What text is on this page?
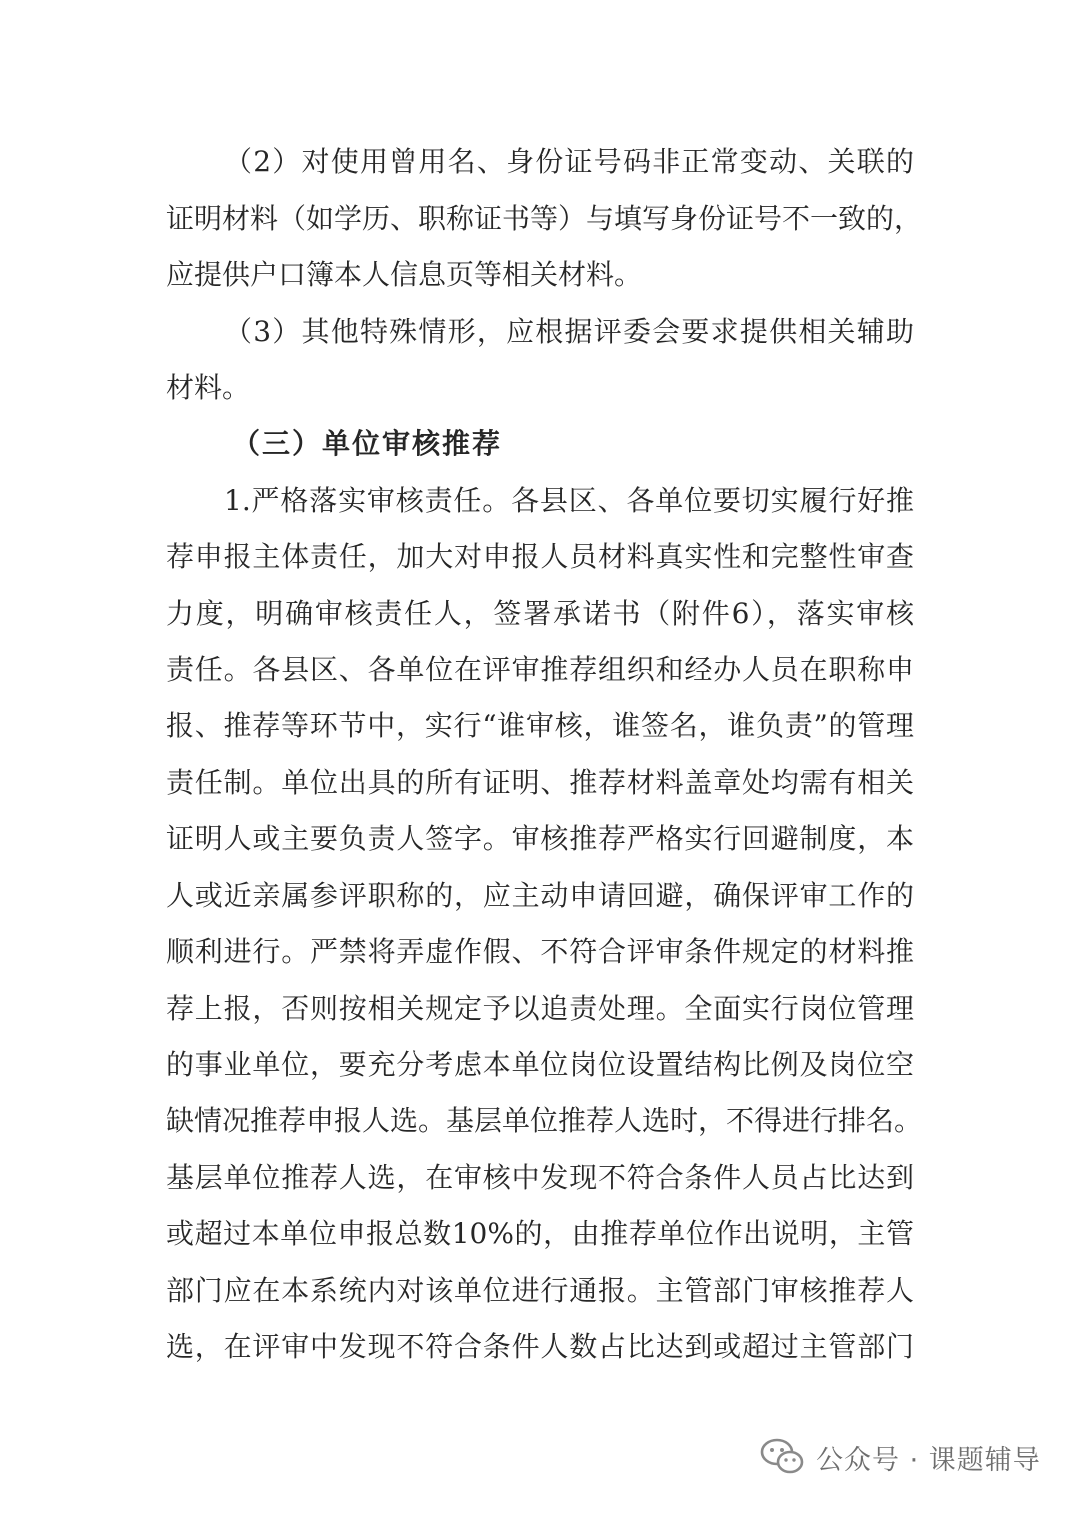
（2）对使用曾用名、身份证号码非正常变动、关联的
证明材料（如学历、职称证书等）与填写身份证号不一致的，
应提供户口簿本人信息页等相关材料。
（3）其他特殊情形，应根据评委会要求提供相关辅助
材料。
（三）单位审核推荐
1.严格落实审核责任。各县区、各单位要切实履行好推
荐申报主体责任，加大对申报人员材料真实性和完整性审查
力度，明确审核责任人，签署承诺书（附件6），落实审核
责任。各县区、各单位在评审推荐组织和经办人员在职称申
报、推荐等环节中，实行“谁审核，谁签名，谁负责”的管理
责任制。单位出具的所有证明、推荐材料盖章处均需有相关
证明人或主要负责人签字。审核推荐严格实行回避制度，本
人或近亲属参评职称的，应主动申请回避，确保评审工作的
顺利进行。严禁将弄虚作假、不符合评审条件规定的材料推
荐上报，否则按相关规定予以追责处理。全面实行岗位管理
的事业单位，要充分考虑本单位岗位设置结构比例及岗位空
缺情况推荐申报人选。基层单位推荐人选时，不得进行排名。
基层单位推荐人选，在审核中发现不符合条件人员占比达到
或超过本单位申报总数10%的，由推荐单位作出说明，主管
部门应在本系统内对该单位进行通报。主管部门审核推荐人
选，在评审中发现不符合条件人数占比达到或超过主管部门
公众号 · 课题辅导
